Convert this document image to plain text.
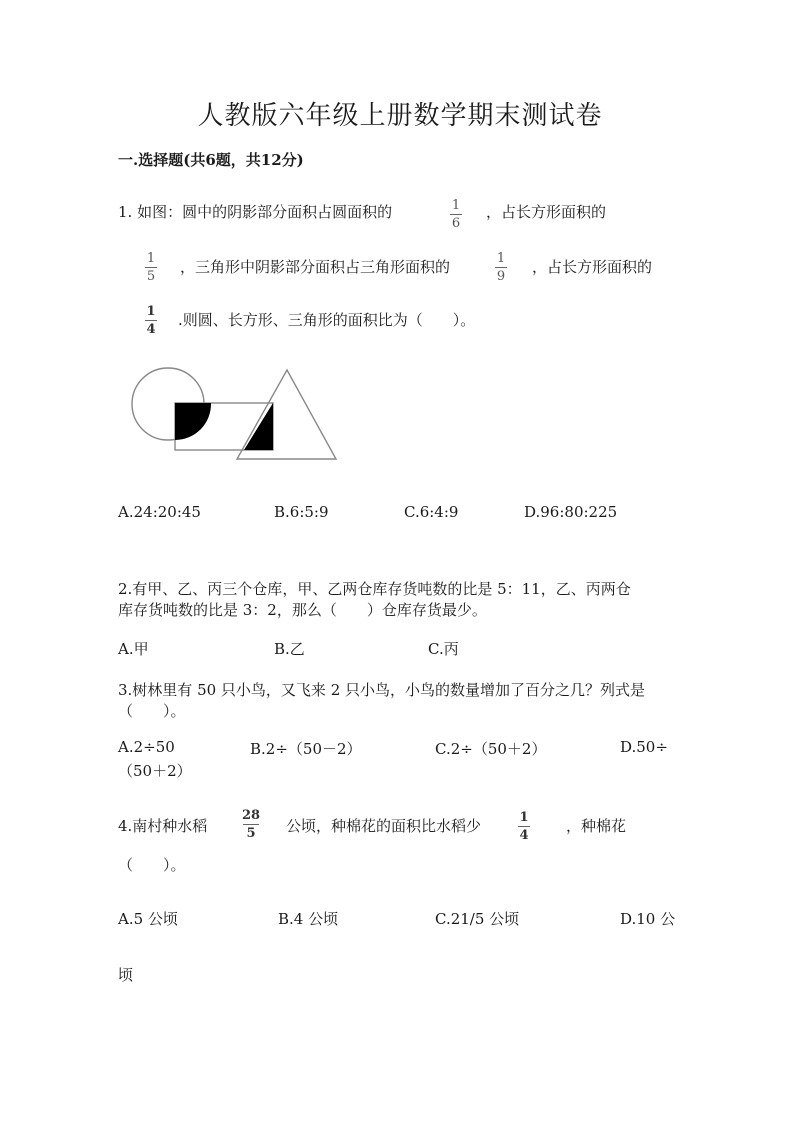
人教版六年级上册数学期末测试卷
一.选择题(共6题，共12分)
1. 如图：圆中的阴影部分面积占圆面积的	1
6
，占长方形面积的
1
5
，三角形中阴影部分面积占三角形面积的	1
9
，占长方形面积的
1
4
.则圆、长方形、三角形的面积比为（　　）。
A.24:20:45	B.6:5:9	C.6:4:9	D.96:80:225
2.有甲、乙、丙三个仓库，甲、乙两仓库存货吨数的比是 5：11，乙、丙两仓
库存货吨数的比是 3：2，那么（　　）仓库存货最少。
A.甲	B.乙	C.丙
3.树林里有 50 只小鸟，又飞来 2 只小鸟，小鸟的数量增加了百分之几？列式是
（　　）。
A.2÷50	B.2÷（50－2）	C.2÷（50＋2）	D.50÷
（50＋2）
4.南村种水稻
28
5 公顷，种棉花的面积比水稻少	1
4
，种棉花
（　　）。
A.5 公顷	B.4 公顷	C.21/5 公顷	D.10 公
顷
